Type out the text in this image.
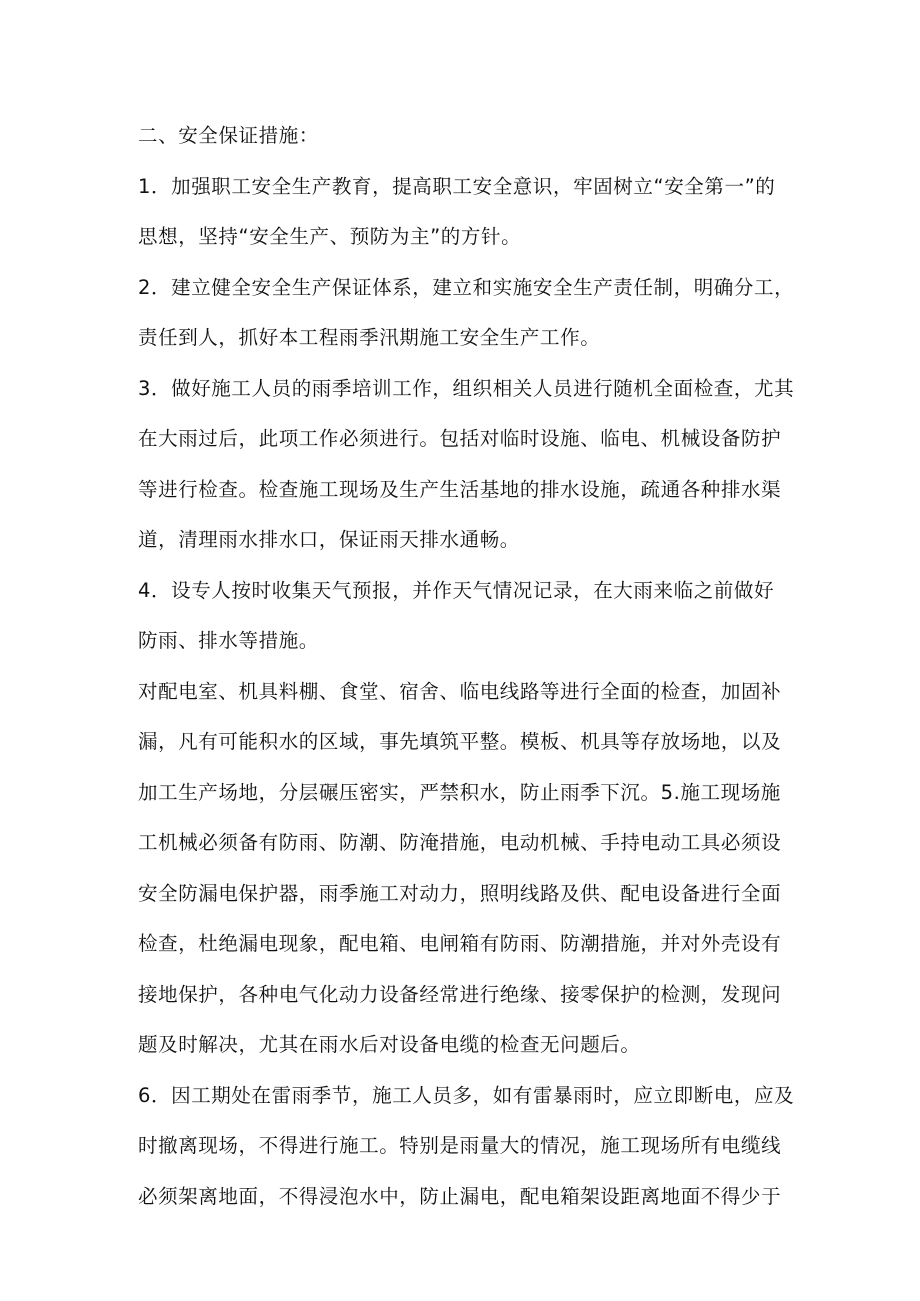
二、安全保证措施：
1．加强职工安全生产教育，提高职工安全意识，牢固树立“安全第一”的
思想，坚持“安全生产、预防为主”的方针。
2．建立健全安全生产保证体系，建立和实施安全生产责任制，明确分工，
责任到人，抓好本工程雨季汛期施工安全生产工作。
3．做好施工人员的雨季培训工作，组织相关人员进行随机全面检查，尤其
在大雨过后，此项工作必须进行。包括对临时设施、临电、机械设备防护
等进行检查。检查施工现场及生产生活基地的排水设施，疏通各种排水渠
道，清理雨水排水口，保证雨天排水通畅。
4．设专人按时收集天气预报，并作天气情况记录，在大雨来临之前做好
防雨、排水等措施。
对配电室、机具料棚、食堂、宿舍、临电线路等进行全面的检查，加固补
漏，凡有可能积水的区域，事先填筑平整。模板、机具等存放场地，以及
加工生产场地，分层碾压密实，严禁积水，防止雨季下沉。5.施工现场施
工机械必须备有防雨、防潮、防淹措施，电动机械、手持电动工具必须设
安全防漏电保护器，雨季施工对动力，照明线路及供、配电设备进行全面
检查，杜绝漏电现象，配电箱、电闸箱有防雨、防潮措施，并对外壳设有
接地保护，各种电气化动力设备经常进行绝缘、接零保护的检测，发现问
题及时解决，尤其在雨水后对设备电缆的检查无问题后。
6．因工期处在雷雨季节，施工人员多，如有雷暴雨时，应立即断电，应及
时撤离现场，不得进行施工。特别是雨量大的情况，施工现场所有电缆线
必须架离地面，不得浸泡水中，防止漏电，配电箱架设距离地面不得少于
